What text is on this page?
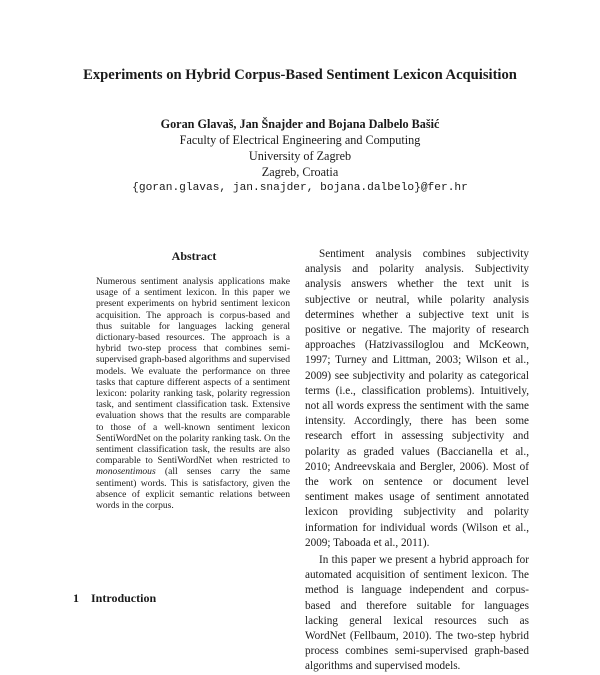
Experiments on Hybrid Corpus-Based Sentiment Lexicon Acquisition
Goran Glavaš, Jan Šnajder and Bojana Dalbelo Bašić
Faculty of Electrical Engineering and Computing
University of Zagreb
Zagreb, Croatia
{goran.glavas, jan.snajder, bojana.dalbelo}@fer.hr
Abstract
Numerous sentiment analysis applications make usage of a sentiment lexicon. In this paper we present experiments on hybrid sentiment lexicon acquisition. The approach is corpus-based and thus suitable for languages lacking general dictionary-based resources. The approach is a hybrid two-step process that combines semi-supervised graph-based algorithms and supervised models. We evaluate the performance on three tasks that capture different aspects of a sentiment lexicon: polarity ranking task, polarity regression task, and sentiment classification task. Extensive evaluation shows that the results are comparable to those of a well-known sentiment lexicon SentiWordNet on the polarity ranking task. On the sentiment classification task, the results are also comparable to SentiWordNet when restricted to monosentimous (all senses carry the same sentiment) words. This is satisfactory, given the absence of explicit semantic relations between words in the corpus.
1 Introduction

Sentiment analysis combines subjectivity analysis and polarity analysis. Subjectivity analysis answers whether the text unit is subjective or neutral, while polarity analysis determines whether a subjective text unit is positive or negative. The majority of research approaches (Hatzivassiloglou and McKeown, 1997; Turney and Littman, 2003; Wilson et al., 2009) see subjectivity and polarity as categorical terms (i.e., classification problems). Intuitively, not all words express the sentiment with the same intensity. Accordingly, there has been some research effort in assessing subjectivity and polarity as graded values (Baccianella et al., 2010; Andreevskaia and Bergler, 2006). Most of the work on sentence or document level sentiment makes usage of sentiment annotated lexicon providing subjectivity and polarity information for individual words (Wilson et al., 2009; Taboada et al., 2011).

In this paper we present a hybrid approach for automated acquisition of sentiment lexicon. The method is language independent and corpus-based and therefore suitable for languages lacking general lexical resources such as WordNet (Fellbaum, 2010). The two-step hybrid process combines semi-supervised graph-based algorithms and supervised models.
